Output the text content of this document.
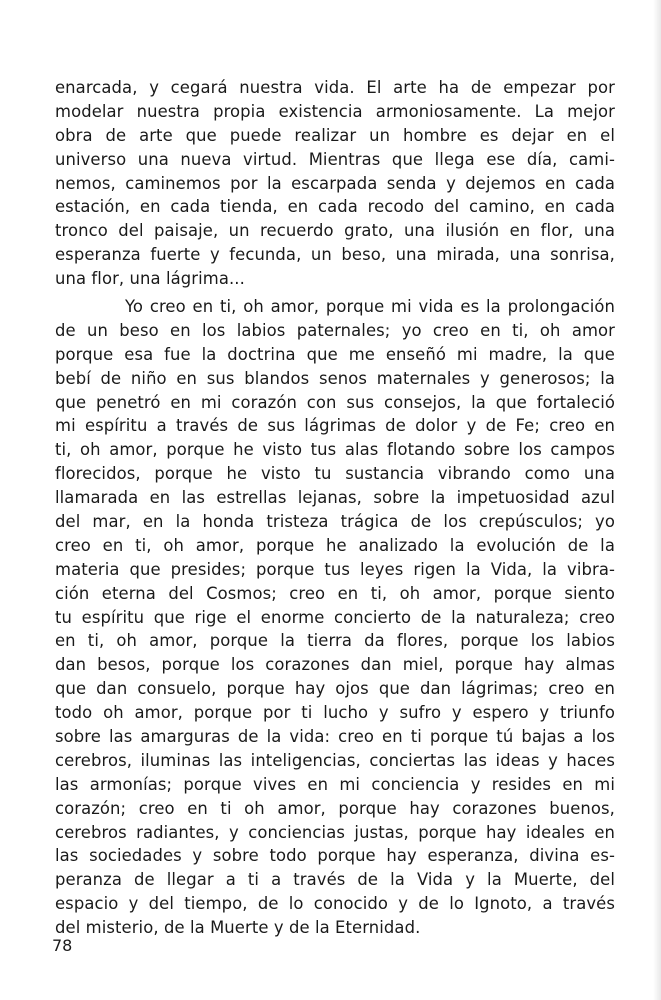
enarcada, y cegará nuestra vida. El arte ha de empezar por
modelar nuestra propia existencia armoniosamente. La mejor
obra de arte que puede realizar un hombre es dejar en el
universo una nueva virtud. Mientras que llega ese día, cami-
nemos, caminemos por la escarpada senda y dejemos en cada
estación, en cada tienda, en cada recodo del camino, en cada
tronco del paisaje, un recuerdo grato, una ilusión en flor, una
esperanza fuerte y fecunda, un beso, una mirada, una sonrisa,
una flor, una lágrima...
Yo creo en ti, oh amor, porque mi vida es la prolongación
de un beso en los labios paternales; yo creo en ti, oh amor
porque esa fue la doctrina que me enseñó mi madre, la que
bebí de niño en sus blandos senos maternales y generosos; la
que penetró en mi corazón con sus consejos, la que fortaleció
mi espíritu a través de sus lágrimas de dolor y de Fe; creo en
ti, oh amor, porque he visto tus alas flotando sobre los campos
florecidos, porque he visto tu sustancia vibrando como una
llamarada en las estrellas lejanas, sobre la impetuosidad azul
del mar, en la honda tristeza trágica de los crepúsculos; yo
creo en ti, oh amor, porque he analizado la evolución de la
materia que presides; porque tus leyes rigen la Vida, la vibra-
ción eterna del Cosmos; creo en ti, oh amor, porque siento
tu espíritu que rige el enorme concierto de la naturaleza; creo
en ti, oh amor, porque la tierra da flores, porque los labios
dan besos, porque los corazones dan miel, porque hay almas
que dan consuelo, porque hay ojos que dan lágrimas; creo en
todo oh amor, porque por ti lucho y sufro y espero y triunfo
sobre las amarguras de la vida: creo en ti porque tú bajas a los
cerebros, iluminas las inteligencias, conciertas las ideas y haces
las armonías; porque vives en mi conciencia y resides en mi
corazón; creo en ti oh amor, porque hay corazones buenos,
cerebros radiantes, y conciencias justas, porque hay ideales en
las sociedades y sobre todo porque hay esperanza, divina es-
peranza de llegar a ti a través de la Vida y la Muerte, del
espacio y del tiempo, de lo conocido y de lo Ignoto, a través
del misterio, de la Muerte y de la Eternidad.
78
